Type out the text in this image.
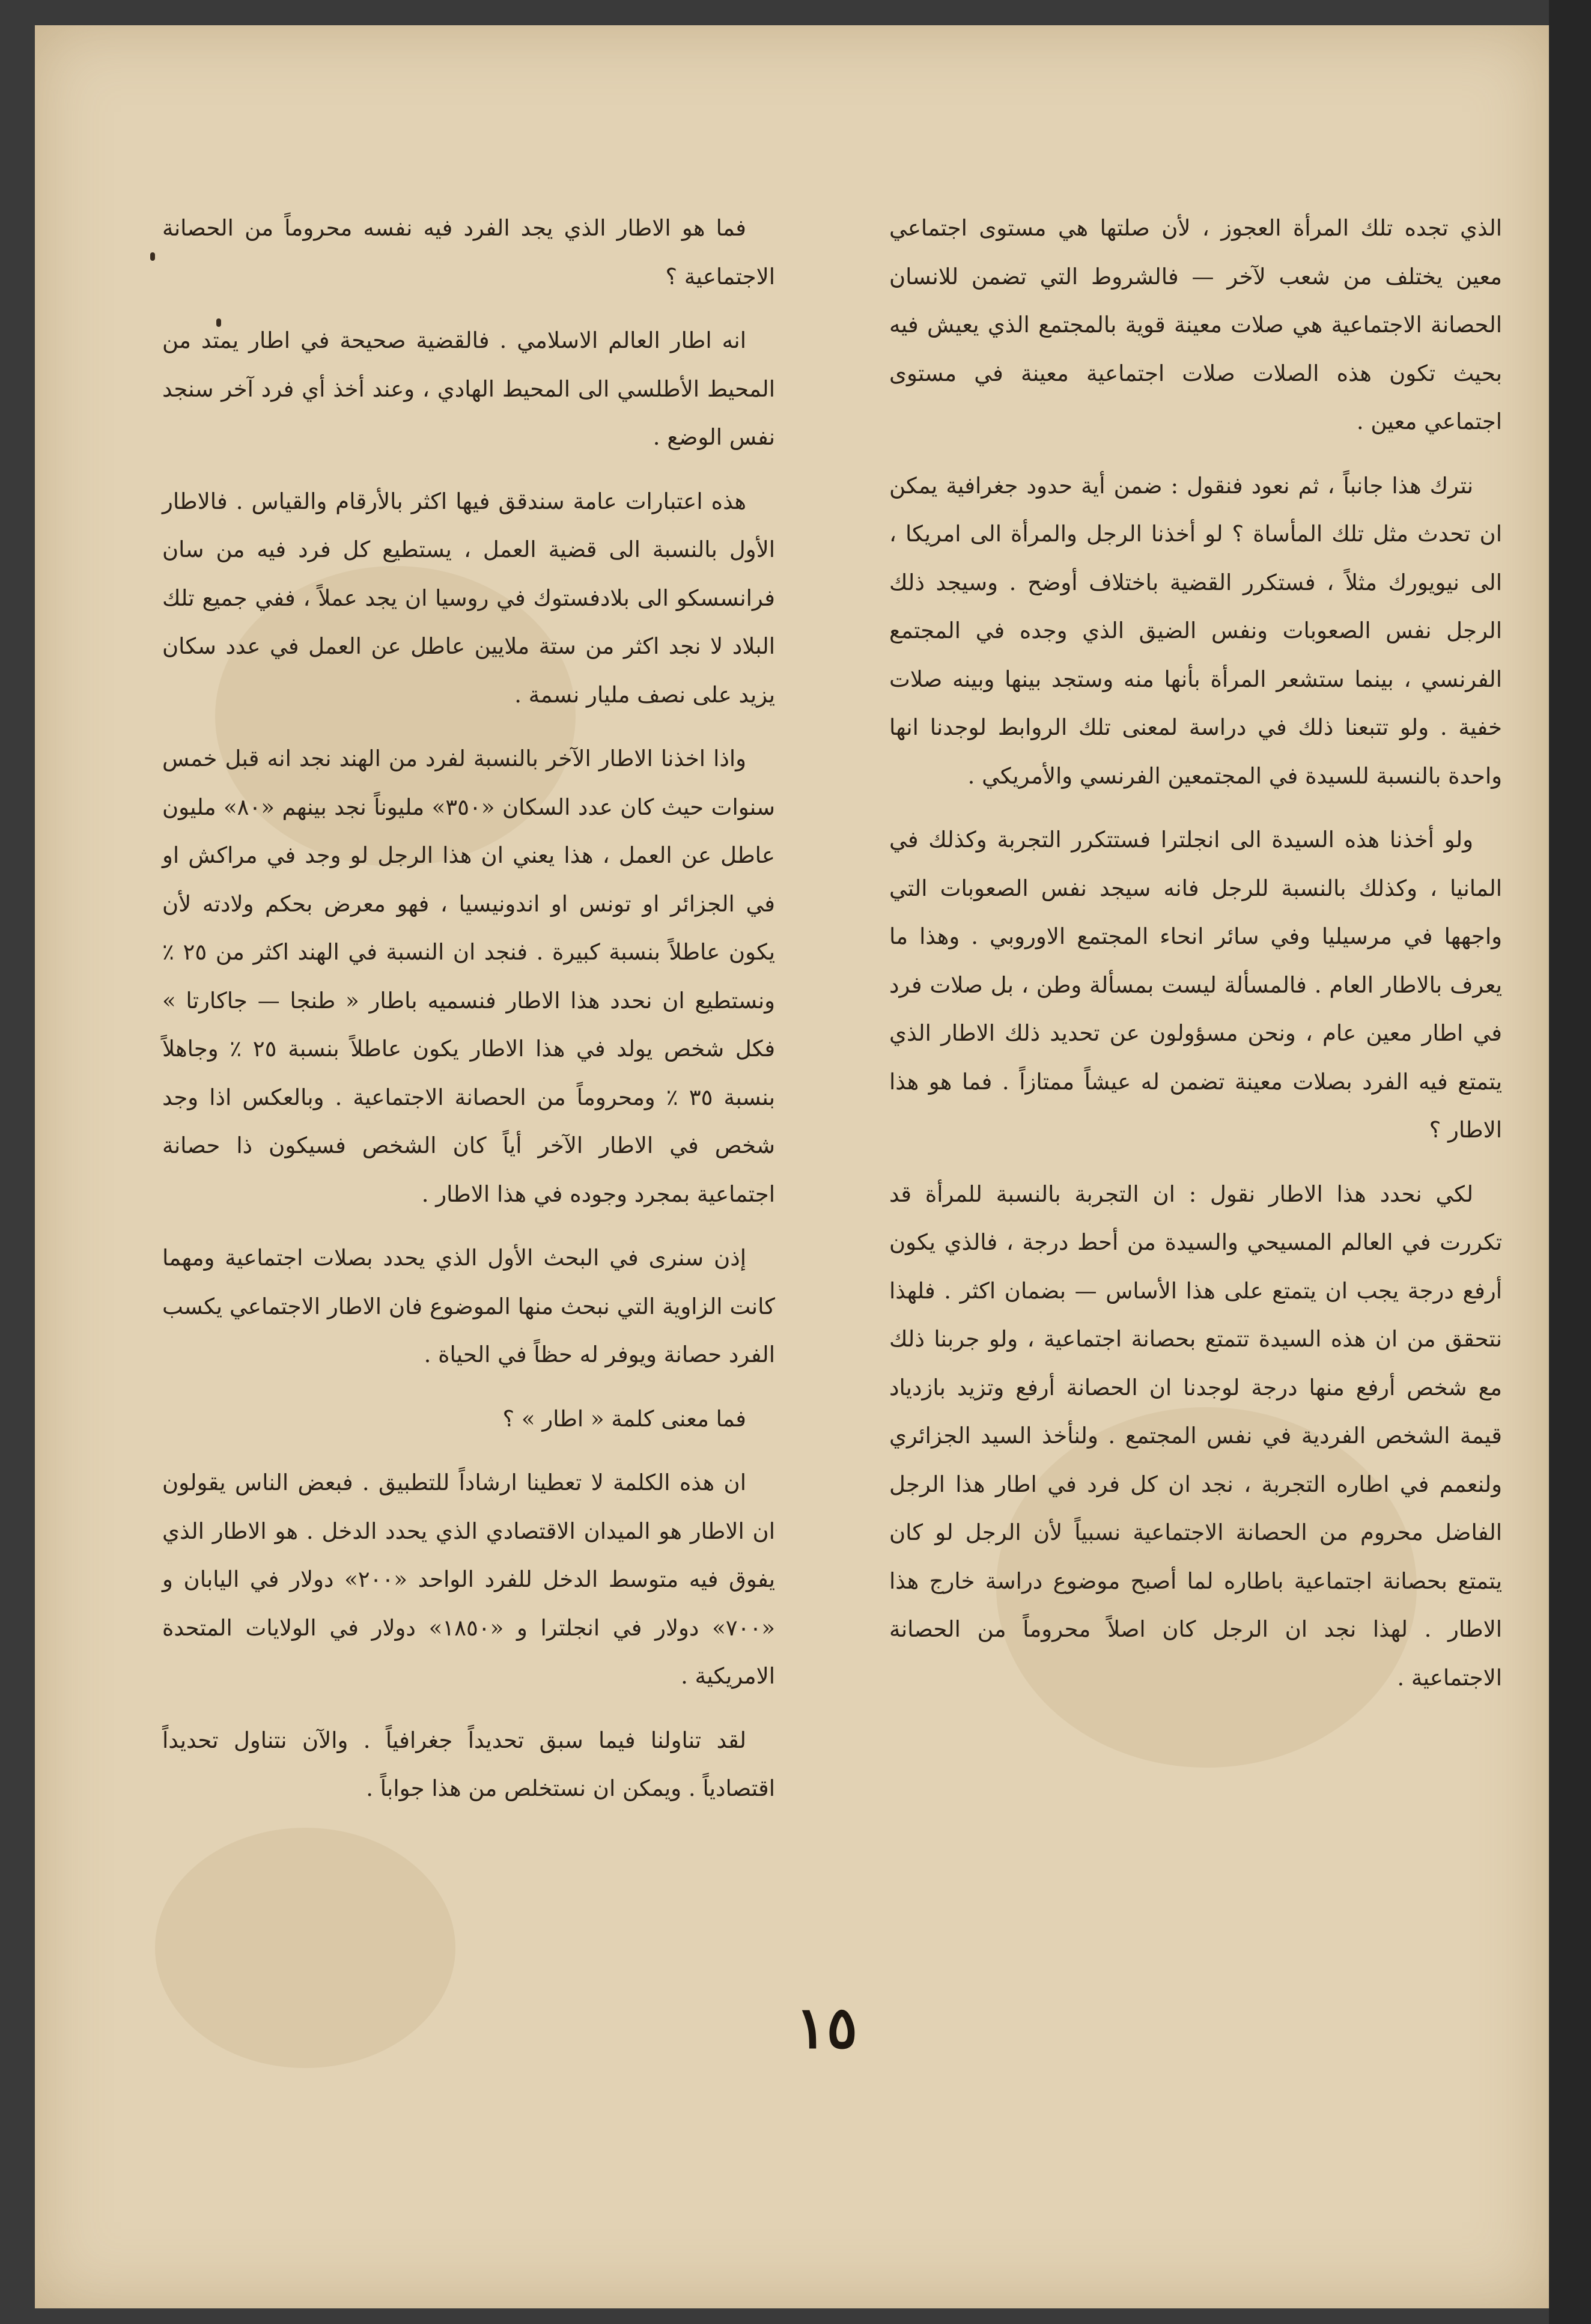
الذي تجده تلك المرأة العجوز ، لأن صلتها هي مستوى اجتماعي معين يختلف من شعب لآخر — فالشروط التي تضمن للانسان الحصانة الاجتماعية هي صلات معينة قوية بالمجتمع الذي يعيش فيه بحيث تكون هذه الصلات صلات اجتماعية معينة في مستوى اجتماعي معين .

نترك هذا جانباً ، ثم نعود فنقول : ضمن أية حدود جغرافية يمكن ان تحدث مثل تلك المأساة ؟ لو أخذنا الرجل والمرأة الى امريكا ، الى نيويورك مثلاً ، فستكرر القضية باختلاف أوضح . وسيجد ذلك الرجل نفس الصعوبات ونفس الضيق الذي وجده في المجتمع الفرنسي ، بينما ستشعر المرأة بأنها منه وستجد بينها وبينه صلات خفية . ولو تتبعنا ذلك في دراسة لمعنى تلك الروابط لوجدنا انها واحدة بالنسبة للسيدة في المجتمعين الفرنسي والأمريكي .

ولو أخذنا هذه السيدة الى انجلترا فستتكرر التجربة وكذلك في المانيا ، وكذلك بالنسبة للرجل فانه سيجد نفس الصعوبات التي واجهها في مرسيليا وفي سائر انحاء المجتمع الاوروبي . وهذا ما يعرف بالاطار العام . فالمسألة ليست بمسألة وطن ، بل صلات فرد في اطار معين عام ، ونحن مسؤولون عن تحديد ذلك الاطار الذي يتمتع فيه الفرد بصلات معينة تضمن له عيشاً ممتازاً . فما هو هذا الاطار ؟

لكي نحدد هذا الاطار نقول : ان التجربة بالنسبة للمرأة قد تكررت في العالم المسيحي والسيدة من أحط درجة ، فالذي يكون أرفع درجة يجب ان يتمتع على هذا الأساس — بضمان اكثر . فلهذا نتحقق من ان هذه السيدة تتمتع بحصانة اجتماعية ، ولو جربنا ذلك مع شخص أرفع منها درجة لوجدنا ان الحصانة أرفع وتزيد بازدياد قيمة الشخص الفردية في نفس المجتمع . ولنأخذ السيد الجزائري ولنعمم في اطاره التجربة ، نجد ان كل فرد في اطار هذا الرجل الفاضل محروم من الحصانة الاجتماعية نسبياً لأن الرجل لو كان يتمتع بحصانة اجتماعية باطاره لما أصبح موضوع دراسة خارج هذا الاطار . لهذا نجد ان الرجل كان اصلاً محروماً من الحصانة الاجتماعية .

فما هو الاطار الذي يجد الفرد فيه نفسه محروماً من الحصانة الاجتماعية ؟

انه اطار العالم الاسلامي . فالقضية صحيحة في اطار يمتد من المحيط الأطلسي الى المحيط الهادي ، وعند أخذ أي فرد آخر سنجد نفس الوضع .

هذه اعتبارات عامة سندقق فيها اكثر بالأرقام والقياس . فالاطار الأول بالنسبة الى قضية العمل ، يستطيع كل فرد فيه من سان فرانسسكو الى بلادفستوك في روسيا ان يجد عملاً ، ففي جميع تلك البلاد لا نجد اكثر من ستة ملايين عاطل عن العمل في عدد سكان يزيد على نصف مليار نسمة .

واذا اخذنا الاطار الآخر بالنسبة لفرد من الهند نجد انه قبل خمس سنوات حيث كان عدد السكان «٣٥٠» مليوناً نجد بينهم «٨٠» مليون عاطل عن العمل ، هذا يعني ان هذا الرجل لو وجد في مراكش او في الجزائر او تونس او اندونيسيا ، فهو معرض بحكم ولادته لأن يكون عاطلاً بنسبة كبيرة . فنجد ان النسبة في الهند اكثر من ٢٥ ٪ ونستطيع ان نحدد هذا الاطار فنسميه باطار « طنجا — جاكارتا » فكل شخص يولد في هذا الاطار يكون عاطلاً بنسبة ٢٥ ٪ وجاهلاً بنسبة ٣٥ ٪ ومحروماً من الحصانة الاجتماعية . وبالعكس اذا وجد شخص في الاطار الآخر أياً كان الشخص فسيكون ذا حصانة اجتماعية بمجرد وجوده في هذا الاطار .

إذن سنرى في البحث الأول الذي يحدد بصلات اجتماعية ومهما كانت الزاوية التي نبحث منها الموضوع فان الاطار الاجتماعي يكسب الفرد حصانة ويوفر له حظاً في الحياة .

فما معنى كلمة « اطار » ؟

ان هذه الكلمة لا تعطينا ارشاداً للتطبيق . فبعض الناس يقولون ان الاطار هو الميدان الاقتصادي الذي يحدد الدخل . هو الاطار الذي يفوق فيه متوسط الدخل للفرد الواحد «٢٠٠» دولار في اليابان و «٧٠٠» دولار في انجلترا و «١٨٥٠» دولار في الولايات المتحدة الامريكية .

لقد تناولنا فيما سبق تحديداً جغرافياً . والآن نتناول تحديداً اقتصادياً . ويمكن ان نستخلص من هذا جواباً .

١٥
